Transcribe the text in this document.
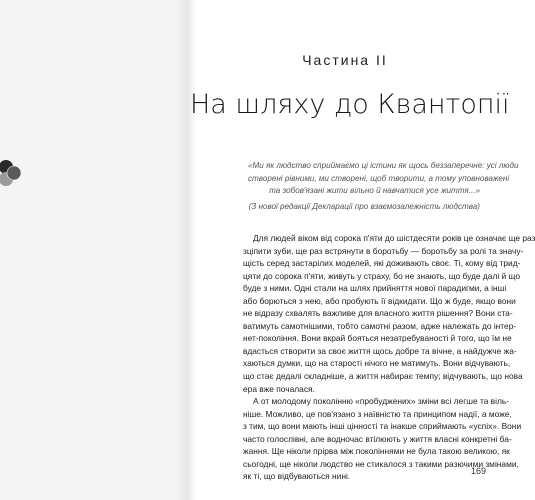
Частина II
На шляху до Квантопії
«Ми як людство сприймаємо ці істини як щось беззаперечне: усі люди
створені рівними, ми створені, щоб творити, а тому уповноважені
та зобов'язані жити вільно й навчатися усе життя...»
(З нової редакції Декларації про взаємозалежність людства)
Для людей віком від сорока п'яти до шістдесяти років це означає ще раз
зціпити зуби, ще раз встрянути в боротьбу — боротьбу за ролі та значу-
щість серед застарілих моделей, які доживають своє. Ті, кому від трид-
цяти до сорока п'яти, живуть у страху, бо не знають, що буде далі й що
буде з ними. Одні стали на шлях прийняття нової парадигми, а інші
або борються з нею, або пробують її відкидати. Що ж буде, якщо вони
не відразу схвалять важливе для власного життя рішення? Вони ста-
ватимуть самотнішими, тобто самотні разом, адже належать до інтер-
нет-покоління. Вони вкрай бояться незатребуваності й того, що їм не
вдасться створити за своє життя щось добре та вічне, а найдужче жа-
хаються думки, що на старості нічого не матимуть. Вони відчувають,
що стає дедалі складніше, а життя набирає темпу; відчувають, що нова
ера вже почалася.
А от молодому поколінню «пробуджених» зміни всі легше та віль-
ніше. Можливо, це пов'язано з наївністю та принципом надії, а може,
з тим, що вони мають інші цінності та інакше сприймають «успіх». Вони
часто голослівні, але водночас втілюють у життя власні конкретні ба-
жання. Ще ніколи прірва між поколіннями не була такою великою, як
сьогодні, ще ніколи людство не стикалося з такими разючими змінами,
як ті, що відбуваються нині.
169
